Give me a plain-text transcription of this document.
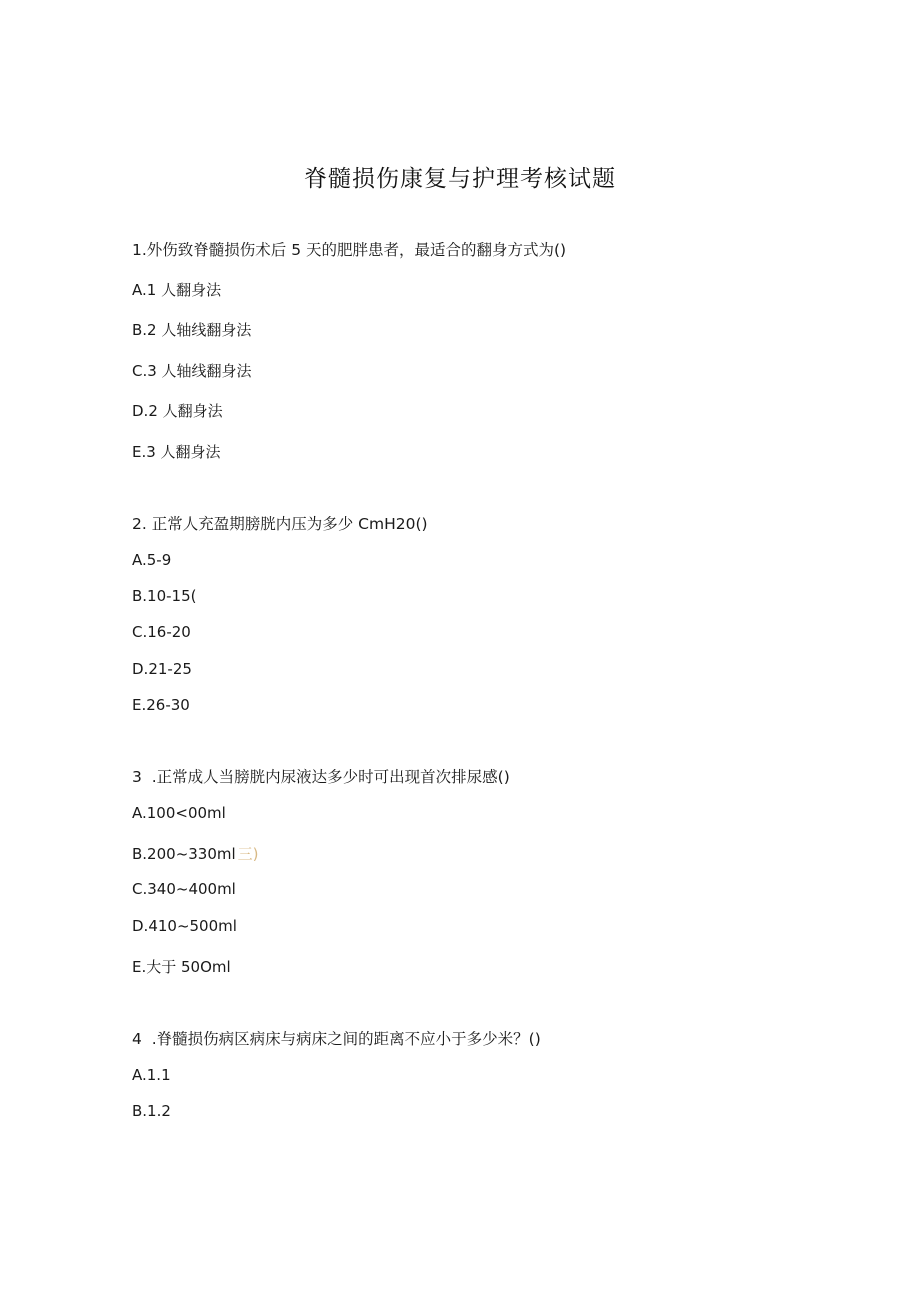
脊髓损伤康复与护理考核试题
1.外伤致脊髓损伤术后 5 天的肥胖患者，最适合的翻身方式为()
A.1 人翻身法
B.2 人轴线翻身法
C.3 人轴线翻身法
D.2 人翻身法
E.3 人翻身法
2. 正常人充盈期膀胱内压为多少 CmH20()
A.5-9
B.10-15(
C.16-20
D.21-25
E.26-30
3  .正常成人当膀胱内尿液达多少时可出现首次排尿感()
A.100<00ml
B.200~330ml 三)
C.340~400ml
D.410~500ml
E.大于 50Oml
4  .脊髓损伤病区病床与病床之间的距离不应小于多少米？()
A.1.1
B.1.2
